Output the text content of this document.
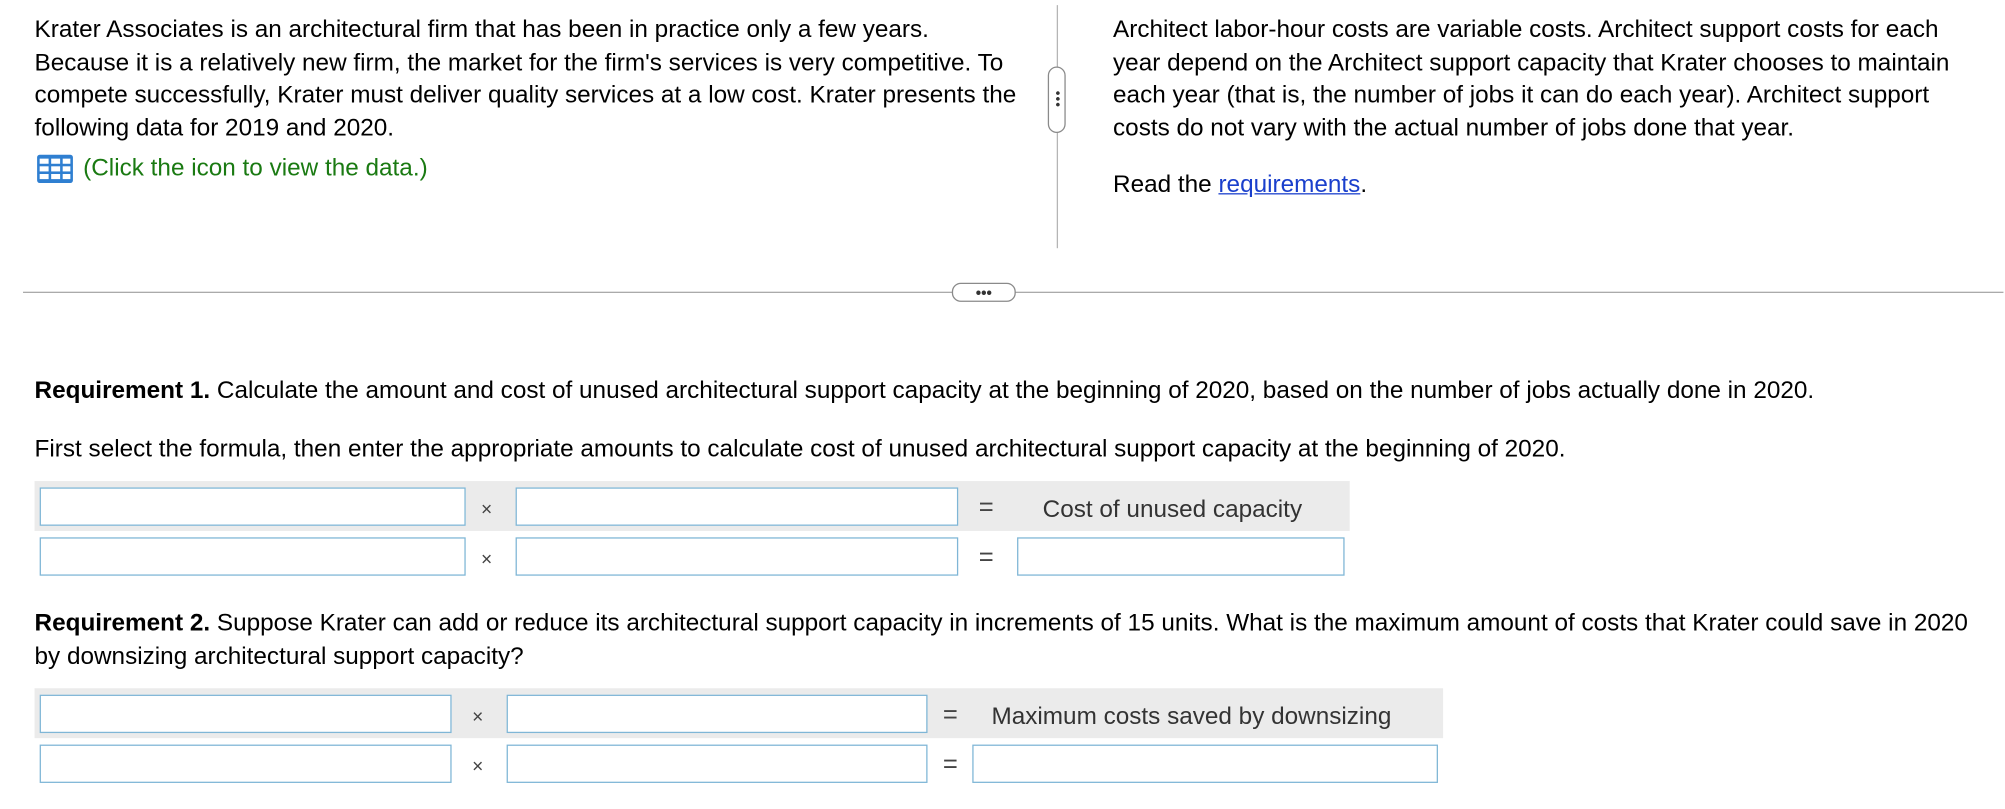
Krater Associates is an architectural firm that has been in practice only a few years. Because it is a relatively new firm, the market for the firm's services is very competitive. To compete successfully, Krater must deliver quality services at a low cost. Krater presents the following data for 2019 and 2020.

(Click the icon to view the data.)
•••

Architect labor-hour costs are variable costs. Architect support costs for each year depend on the Architect support capacity that Krater chooses to maintain each year (that is, the number of jobs it can do each year). Architect support costs do not vary with the actual number of jobs done that year.

Read the requirements.

•••
Requirement 1. Calculate the amount and cost of unused architectural support capacity at the beginning of 2020, based on the number of jobs actually done in 2020.
First select the formula, then enter the appropriate amounts to calculate cost of unused architectural support capacity at the beginning of 2020.
×	=	Cost of unused capacity
×	=
Requirement 2. Suppose Krater can add or reduce its architectural support capacity in increments of 15 units. What is the maximum amount of costs that Krater could save in 2020 by downsizing architectural support capacity?
×	= Maximum costs saved by downsizing
×	=
